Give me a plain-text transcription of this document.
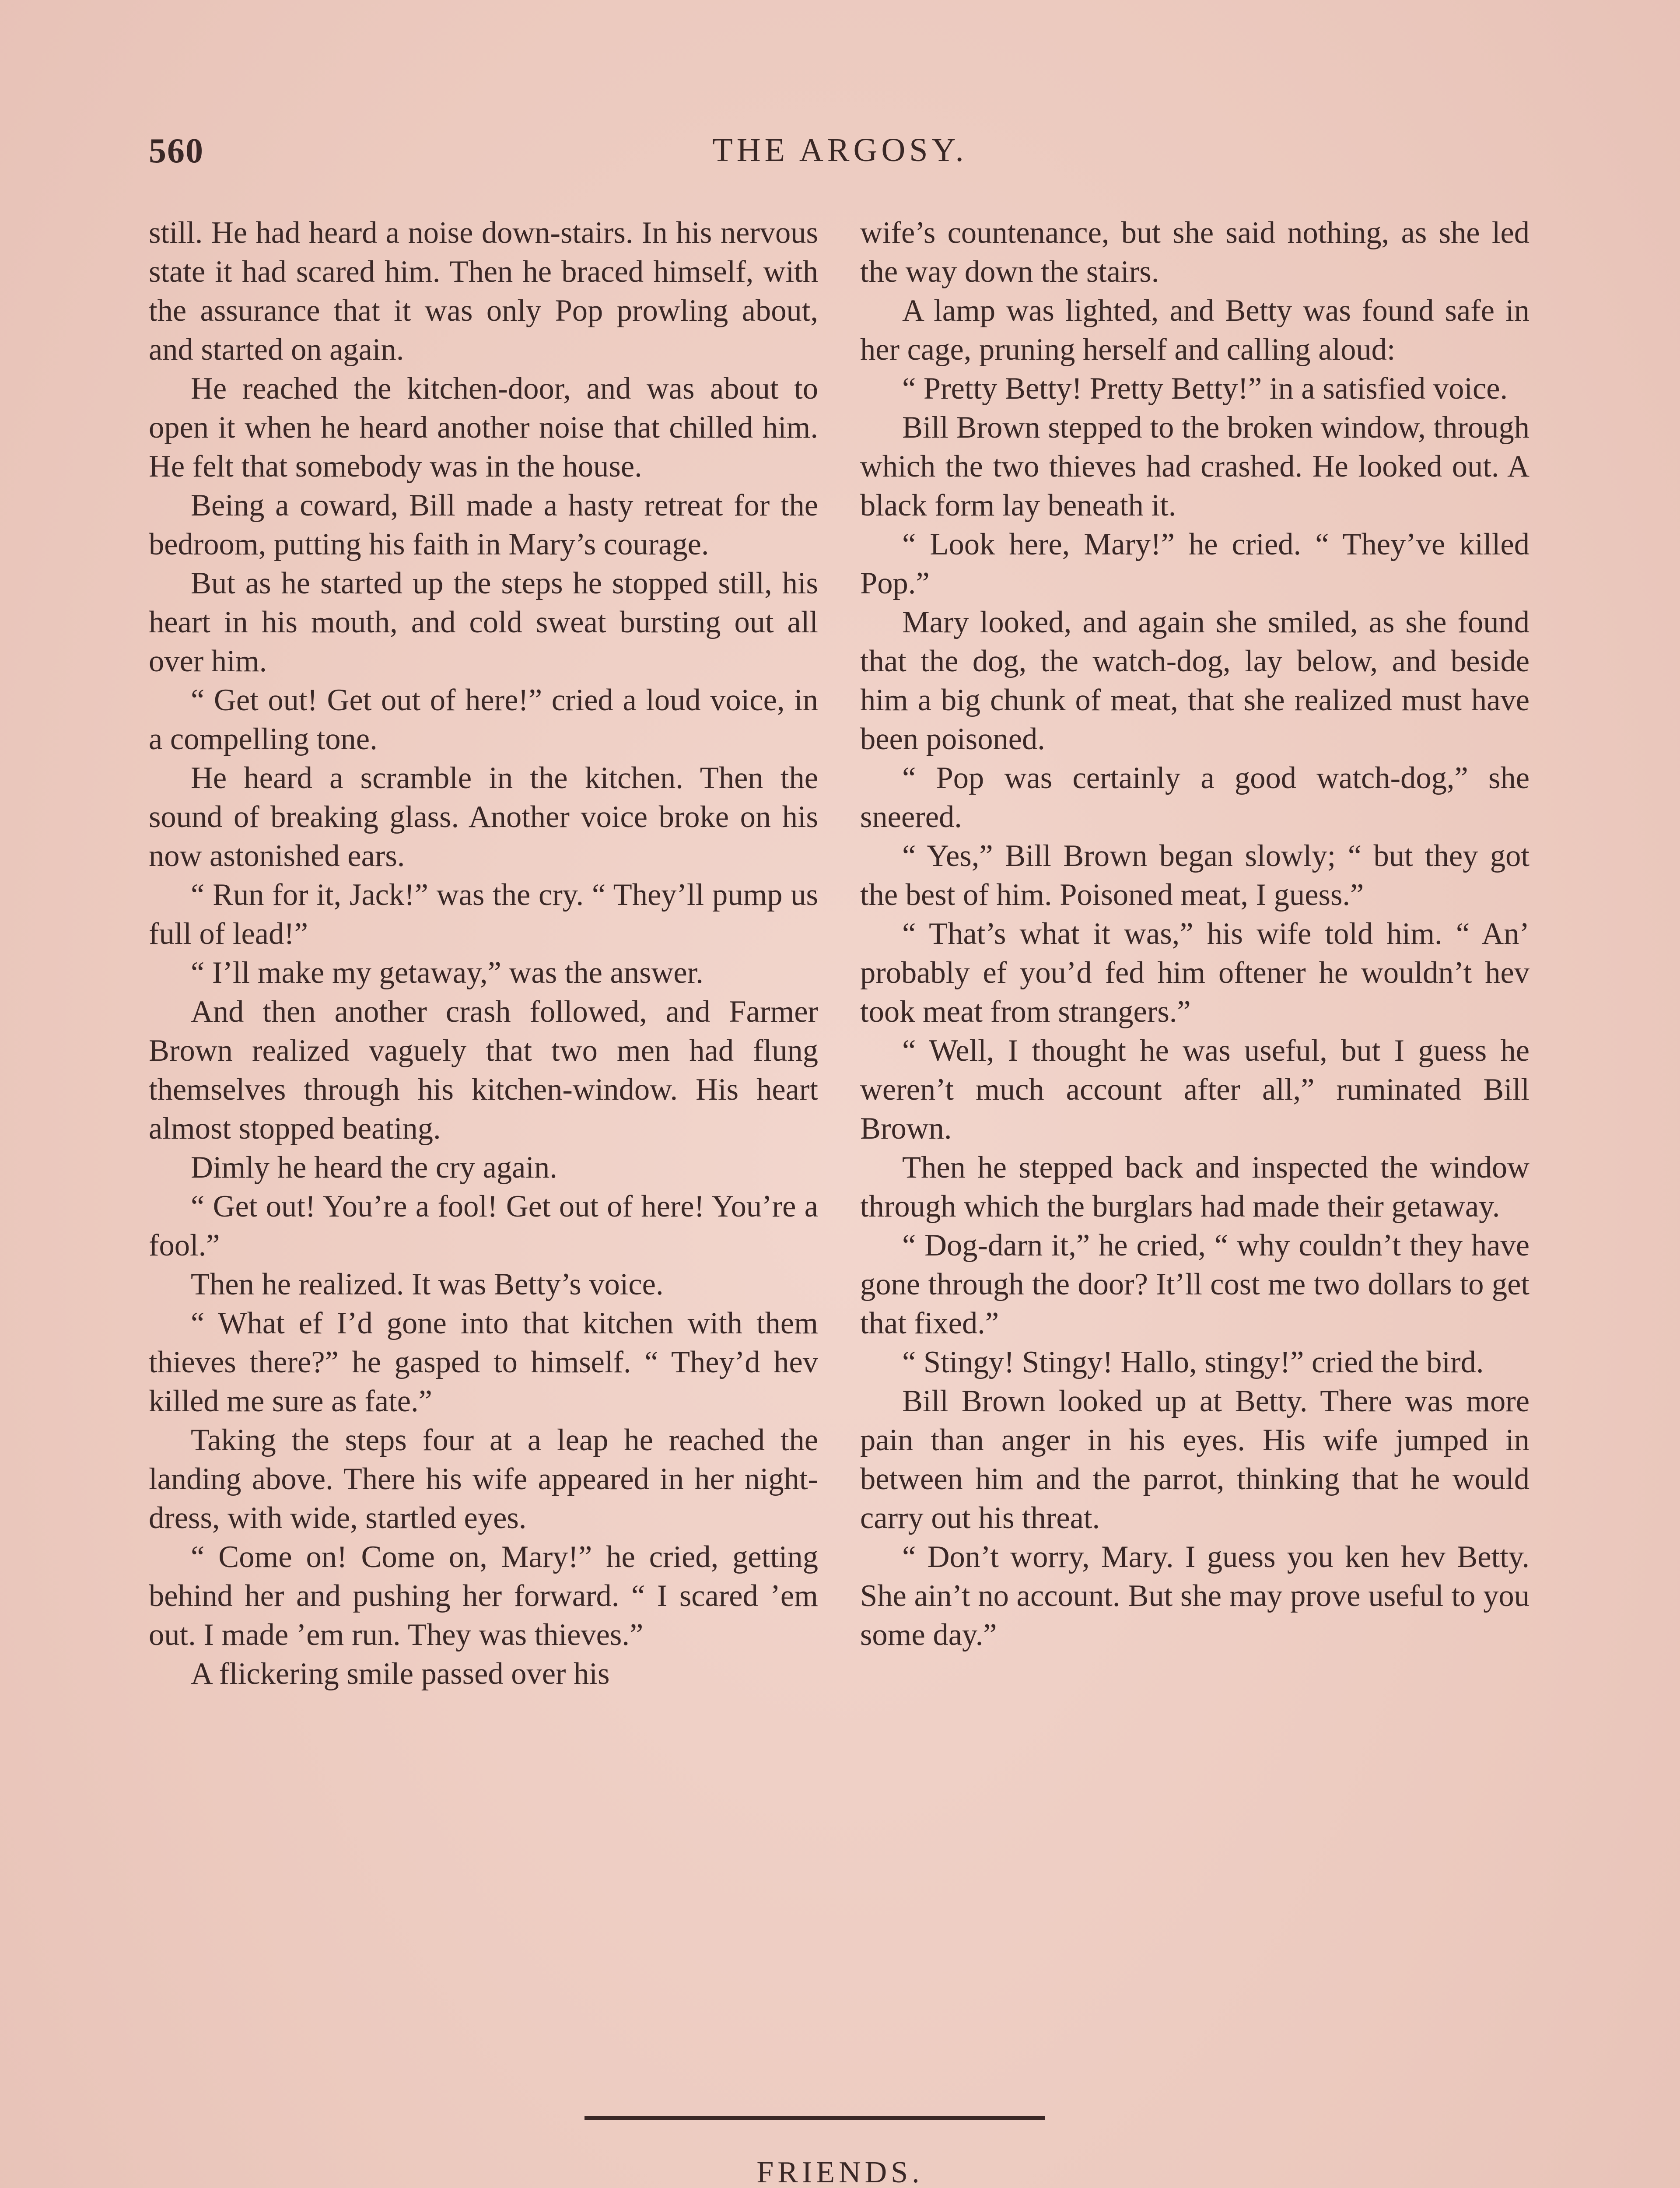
560	THE ARGOSY.

still. He had heard a noise down-stairs. In his nervous state it had scared him. Then he braced himself, with the assurance that it was only Pop prowling about, and started on again.

He reached the kitchen-door, and was about to open it when he heard another noise that chilled him. He felt that somebody was in the house.

Being a coward, Bill made a hasty retreat for the bedroom, putting his faith in Mary’s courage.

But as he started up the steps he stopped still, his heart in his mouth, and cold sweat bursting out all over him.

“ Get out! Get out of here!” cried a loud voice, in a compelling tone.

He heard a scramble in the kitchen. Then the sound of breaking glass. Another voice broke on his now astonished ears.

“ Run for it, Jack!” was the cry. “ They’ll pump us full of lead!”

“ I’ll make my getaway,” was the answer.

And then another crash followed, and Farmer Brown realized vaguely that two men had flung themselves through his kitchen-window. His heart almost stopped beating.

Dimly he heard the cry again.

“ Get out! You’re a fool! Get out of here! You’re a fool.”

Then he realized. It was Betty’s voice.

“ What ef I’d gone into that kitchen with them thieves there?” he gasped to himself. “ They’d hev killed me sure as fate.”

Taking the steps four at a leap he reached the landing above. There his wife appeared in her night-dress, with wide, startled eyes.

“ Come on! Come on, Mary!” he cried, getting behind her and pushing her forward. “ I scared ’em out. I made ’em run. They was thieves.”

A flickering smile passed over his

wife’s countenance, but she said nothing, as she led the way down the stairs.

A lamp was lighted, and Betty was found safe in her cage, pruning herself and calling aloud:

“ Pretty Betty! Pretty Betty!” in a satisfied voice.

Bill Brown stepped to the broken window, through which the two thieves had crashed. He looked out. A black form lay beneath it.

“ Look here, Mary!” he cried. “ They’ve killed Pop.”

Mary looked, and again she smiled, as she found that the dog, the watch-dog, lay below, and beside him a big chunk of meat, that she realized must have been poisoned.

“ Pop was certainly a good watch-dog,” she sneered.

“ Yes,” Bill Brown began slowly; “ but they got the best of him. Poisoned meat, I guess.”

“ That’s what it was,” his wife told him. “ An’ probably ef you’d fed him oftener he wouldn’t hev took meat from strangers.”

“ Well, I thought he was useful, but I guess he weren’t much account after all,” ruminated Bill Brown.

Then he stepped back and inspected the window through which the burglars had made their getaway.

“ Dog-darn it,” he cried, “ why couldn’t they have gone through the door? It’ll cost me two dollars to get that fixed.”

“ Stingy! Stingy! Hallo, stingy!” cried the bird.

Bill Brown looked up at Betty. There was more pain than anger in his eyes. His wife jumped in between him and the parrot, thinking that he would carry out his threat.

“ Don’t worry, Mary. I guess you ken hev Betty. She ain’t no account. But she may prove useful to you some day.”

FRIENDS.
